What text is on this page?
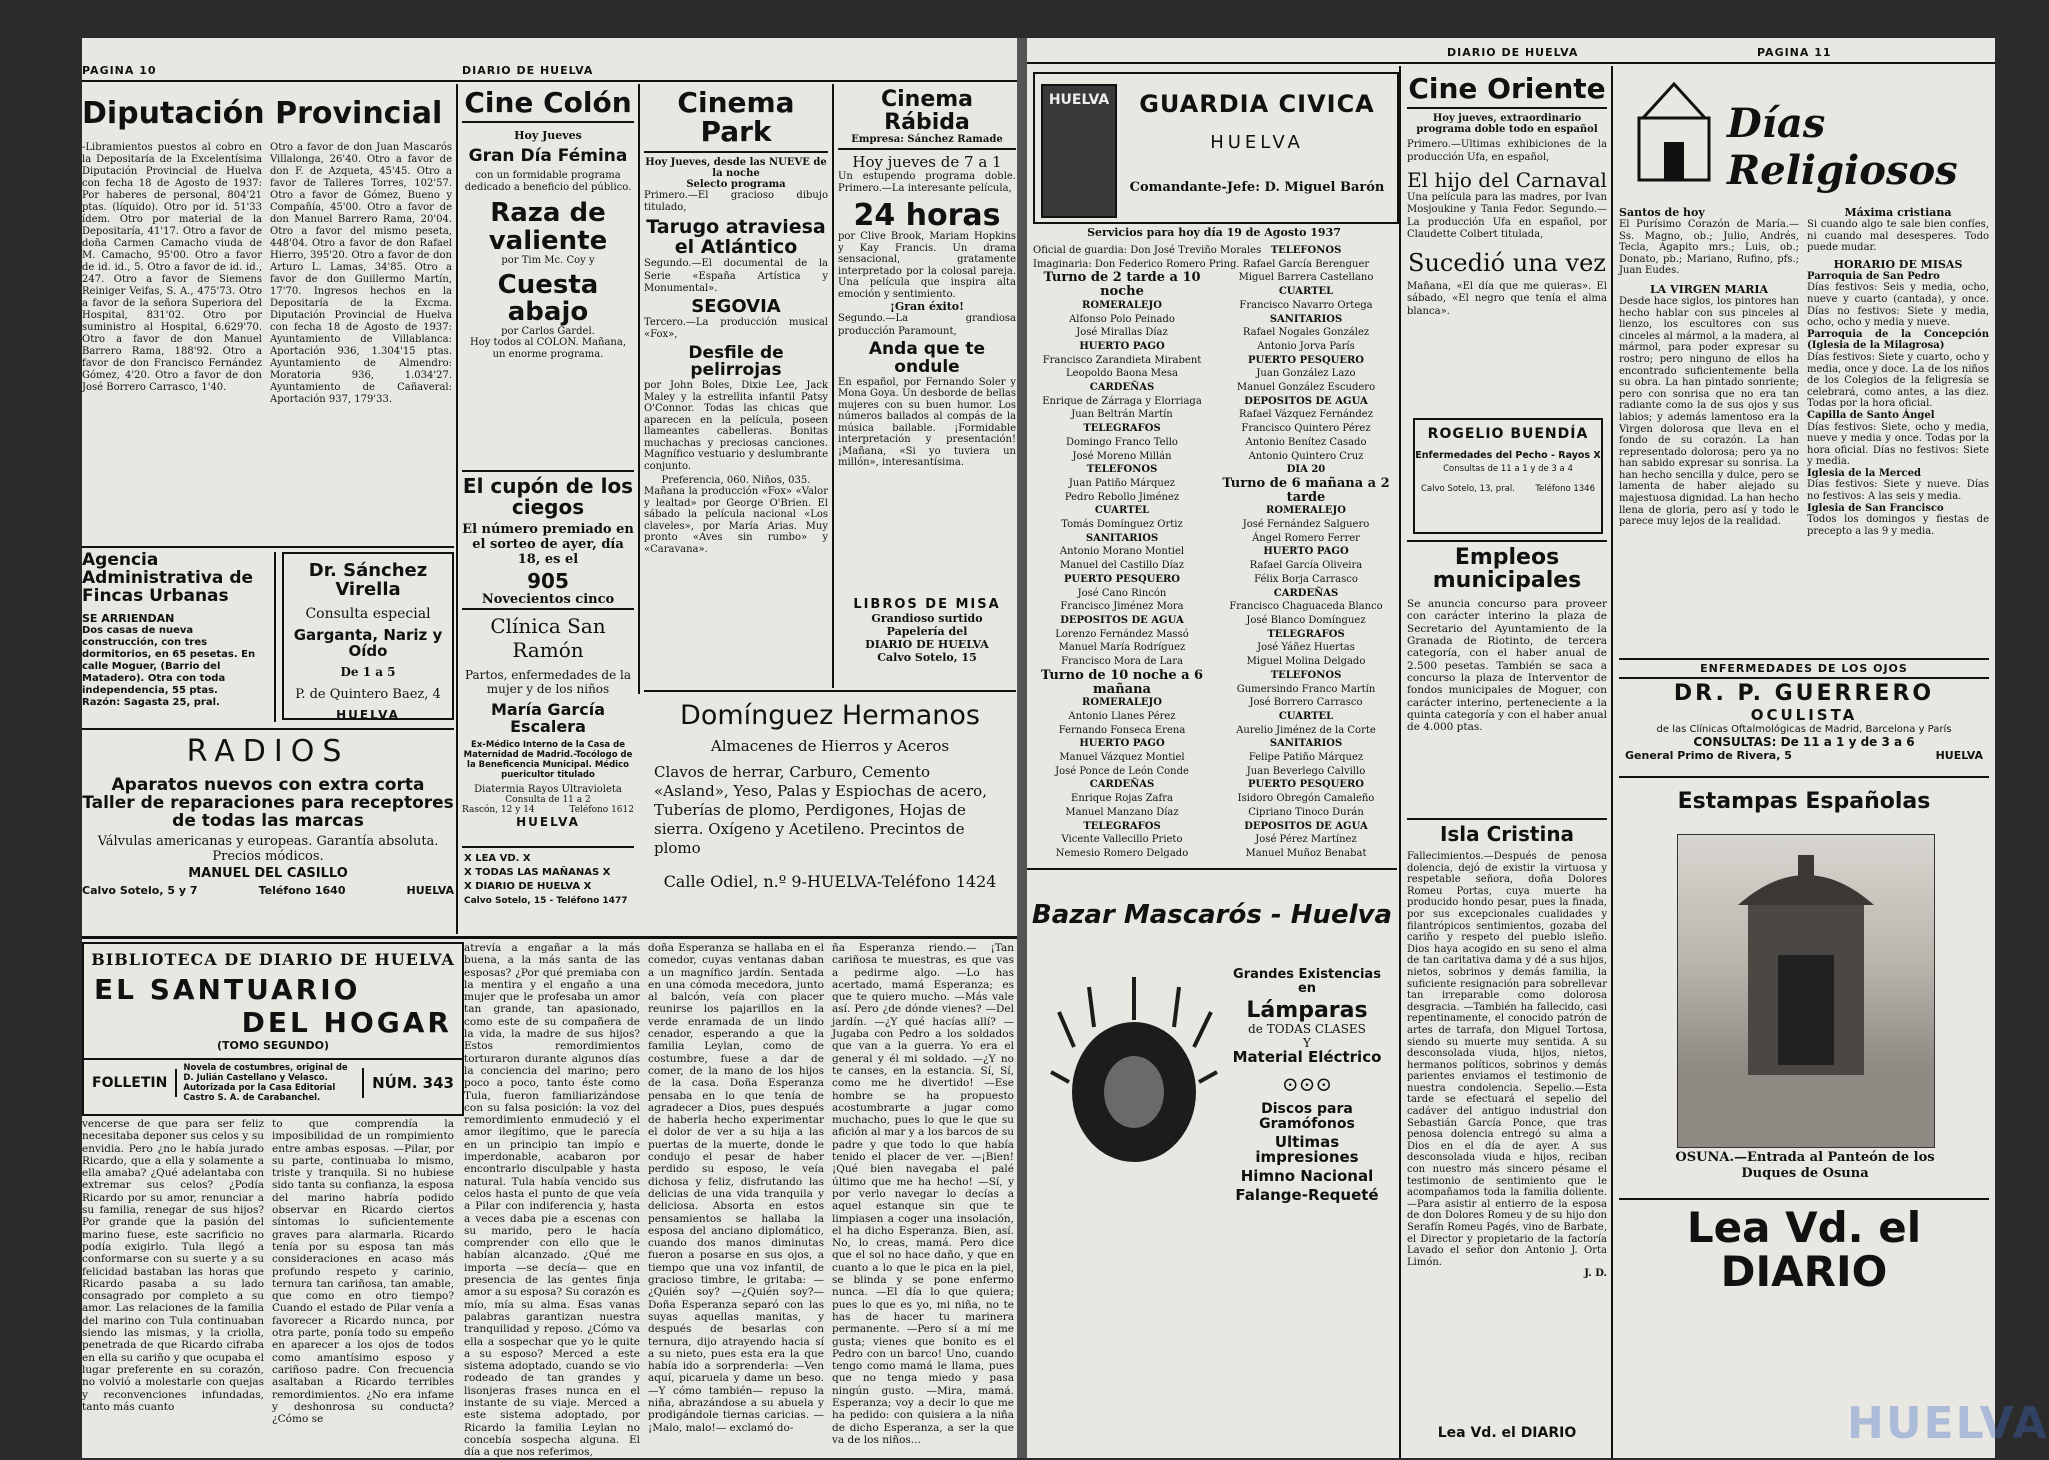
PAGINA 10	DIARIO DE HUELVA
Diputación Provincial
-Libramientos puestos al cobro en la Depositaría de la Excelentísima Diputación Provincial de Huelva con fecha 18 de Agosto de 1937: Por haberes de personal, 804'21 ptas. (líquido). Otro por id. 51'33 ídem. Otro por material de la Depositaría, 41'17. Otro a favor de doña Carmen Camacho viuda de M. Camacho, 95'00. Otro a favor de id. id., 5. Otro a favor de id. id., 247. Otro a favor de Siemens Reiniger Veifas, S. A., 475'73. Otro a favor de la señora Superiora del Hospital, 831'02. Otro por suministro al Hospital, 6.629'70. Otro a favor de don Manuel Barrero Rama, 188'92. Otro a favor de don Francisco Fernández Gómez, 4'20. Otro a favor de don José Borrero Carrasco, 1'40.
Otro a favor de don Juan Mascarós Villalonga, 26'40. Otro a favor de don F. de Azqueta, 45'45. Otro a favor de Talleres Torres, 102'57. Otro a favor de Gómez, Bueno y Compañía, 45'00. Otro a favor de don Manuel Barrero Rama, 20'04. Otro a favor del mismo peseta, 448'04. Otro a favor de don Rafael Hierro, 395'20. Otro a favor de don Arturo L. Lamas, 34'85. Otro a favor de don Guillermo Martín, 17'70. Ingresos hechos en la Depositaría de la Excma. Diputación Provincial de Huelva con fecha 18 de Agosto de 1937: Ayuntamiento de Villablanca: Aportación 936, 1.304'15 ptas. Ayuntamiento de Almendro: Moratoria 936, 1.034'27. Ayuntamiento de Cañaveral: Aportación 937, 179'33.
Agencia Administrativa de Fincas Urbanas
SE ARRIENDAN
Dos casas de nueva construcción, con tres dormitorios, en 65 pesetas. En calle Moguer, (Barrio del Matadero). Otra con toda independencia, 55 ptas.
Razón: Sagasta 25, pral.
Dr. Sánchez Virella
Consulta especial
Garganta, Nariz y Oído
De 1 a 5
P. de Quintero Baez, 4
HUELVA
RADIOS
Aparatos nuevos con extra corta
Taller de reparaciones para receptores
de todas las marcas
Válvulas americanas y europeas. Garantía absoluta.
Precios módicos.
MANUEL DEL CASILLO
Calvo Sotelo, 5 y 7	Teléfono 1640	HUELVA
Cine Colón
Hoy Jueves
Gran Día Fémina
con un formidable programa dedicado a beneficio del público.
Raza de valiente
por Tim Mc. Coy y
Cuesta abajo
por Carlos Gardel.
Hoy todos al COLON. Mañana, un enorme programa.
El cupón de los ciegos
El número premiado en el sorteo de ayer, día 18, es el
905
Novecientos cinco
Clínica San Ramón
Partos, enfermedades de la mujer y de los niños
María García Escalera
Ex-Médico Interno de la Casa de Maternidad de Madrid.-Tocólogo de la Beneficencia Municipal. Médico puericultor titulado
Diatermia Rayos Ultravioleta
Consulta de 11 a 2
Rascón, 12 y 14	Teléfono 1612
HUELVA
X LEA VD. X
X TODAS LAS MAÑANAS X
X DIARIO DE HUELVA X
Calvo Sotelo, 15 - Teléfono 1477
Cinema Park
Hoy Jueves, desde las NUEVE de la noche
Selecto programa
Primero.—El gracioso dibujo titulado,
Tarugo atraviesa el Atlántico
Segundo.—El documental de la Serie «España Artística y Monumental».
SEGOVIA
Tercero.—La producción musical «Fox»,
Desfile de pelirrojas
por John Boles, Dixie Lee, Jack Maley y la estrellita infantil Patsy O'Connor. Todas las chicas que aparecen en la película, poseen llameantes cabelleras. Bonitas muchachas y preciosas canciones. Magnífico vestuario y deslumbrante conjunto.
Preferencia, 060. Niños, 035.
Mañana la producción «Fox» «Valor y lealtad» por George O'Brien. El sábado la película nacional «Los claveles», por María Arias. Muy pronto «Aves sin rumbo» y «Caravana».
Cinema Rábida
Empresa: Sánchez Ramade
Hoy jueves de 7 a 1
Un estupendo programa doble. Primero.—La interesante película,
24 horas
por Clive Brook, Mariam Hopkins y Kay Francis. Un drama sensacional, gratamente interpretado por la colosal pareja. Una película que inspira alta emoción y sentimiento.
¡Gran éxito!
Segundo.—La grandiosa producción Paramount,
Anda que te ondule
En español, por Fernando Soler y Mona Goya. Un desborde de bellas mujeres con su buen humor. Los números bailados al compás de la música bailable. ¡Formidable interpretación y presentación! ¡Mañana, «Si yo tuviera un millón», interesantísima.
LIBROS DE MISA
Grandioso surtido
Papelería del
DIARIO DE HUELVA
Calvo Sotelo, 15
Domínguez Hermanos
Almacenes de Hierros y Aceros
Clavos de herrar, Carburo, Cemento «Asland», Yeso, Palas y Espiochas de acero, Tuberías de plomo, Perdigones, Hojas de sierra. Oxígeno y Acetileno. Precintos de plomo
Calle Odiel, n.º 9-HUELVA-Teléfono 1424
BIBLIOTECA DE DIARIO DE HUELVA
EL SANTUARIO
DEL HOGAR
(TOMO SEGUNDO)
FOLLETIN
Novela de costumbres, original de D. Julián Castellano y Velasco. Autorizada por la Casa Editorial Castro S. A. de Carabanchel.
NÚM. 343
vencerse de que para ser feliz necesitaba deponer sus celos y su envidia. Pero ¿no le había jurado Ricardo, que a ella y solamente a ella amaba? ¿Qué adelantaba con extremar sus celos? ¿Podía Ricardo por su amor, renunciar a su familia, renegar de sus hijos? Por grande que la pasión del marino fuese, este sacrificio no podía exigirlo. Tula llegó a conformarse con su suerte y a su felicidad bastaban las horas que Ricardo pasaba a su lado consagrado por completo a su amor. Las relaciones de la familia del marino con Tula continuaban siendo las mismas, y la criolla, penetrada de que Ricardo cifraba en ella su cariño y que ocupaba el lugar preferente en su corazón, no volvió a molestarle con quejas y reconvenciones infundadas, tanto más cuanto
to que comprendía la imposibilidad de un rompimiento entre ambas esposas. —Pilar, por su parte, continuaba lo mismo, triste y tranquila. Si no hubiese sido tanta su confianza, la esposa del marino habría podido observar en Ricardo ciertos síntomas lo suficientemente graves para alarmarla. Ricardo tenía por su esposa tan más consideraciones en acaso más profundo respeto y carinio, ternura tan cariñosa, tan amable, que como en otro tiempo? Cuando el estado de Pilar venía a favorecer a Ricardo nunca, por otra parte, ponía todo su empeño en aparecer a los ojos de todos como amantísimo esposo y cariñoso padre. Con frecuencia asaltaban a Ricardo terribles remordimientos. ¿No era infame y deshonrosa su conducta? ¿Cómo se
atrevía a engañar a la más buena, a la más santa de las esposas? ¿Por qué premiaba con la mentira y el engaño a una mujer que le profesaba un amor tan grande, tan apasionado, como este de su compañera de la vida, la madre de sus hijos? Estos remordimientos torturaron durante algunos días la conciencia del marino; pero poco a poco, tanto éste como Tula, fueron familiarizándose con su falsa posición: la voz del remordimiento enmudeció y el amor ilegítimo, que le parecía en un principio tan impío e imperdonable, acabaron por encontrarlo disculpable y hasta natural. Tula había vencido sus celos hasta el punto de que veía a Pilar con indiferencia y, hasta a veces daba pie a escenas con su marido, pero le hacía comprender con ello que le habían alcanzado. ¿Qué me importa —se decía— que en presencia de las gentes finja amor a su esposa? Su corazón es mío, mía su alma. Esas vanas palabras garantizan nuestra tranquilidad y reposo. ¿Cómo va ella a sospechar que yo le quite a su esposo? Merced a este sistema adoptado, cuando se vio rodeado de tan grandes y lisonjeras frases nunca en el instante de su viaje. Merced a este sistema adoptado, por Ricardo la familia Leylan no concebía sospecha alguna. El día a que nos referimos,
doña Esperanza se hallaba en el comedor, cuyas ventanas daban a un magnífico jardín. Sentada en una cómoda mecedora, junto al balcón, veía con placer reunirse los pajarillos en la verde enramada de un lindo cenador, esperando a que la familia Leylan, como de costumbre, fuese a dar de comer, de la mano de los hijos de la casa. Doña Esperanza pensaba en lo que tenía de agradecer a Dios, pues después de haberla hecho experimentar el dolor de ver a su hija a las puertas de la muerte, donde le condujo el pesar de haber perdido su esposo, le veía dichosa y feliz, disfrutando las delicias de una vida tranquila y deliciosa. Absorta en estos pensamientos se hallaba la esposa del anciano diplomático, cuando dos manos diminutas fueron a posarse en sus ojos, a tiempo que una voz infantil, de gracioso timbre, le gritaba: —¿Quién soy? —¿Quién soy?— Doña Esperanza separó con las suyas aquellas manitas, y después de besarlas con ternura, dijo atrayendo hacia sí a su nieto, pues esta era la que había ido a sorprenderla: —Ven aquí, picaruela y dame un beso. —Y cómo también— repuso la niña, abrazándose a su abuela y prodigándole tiernas caricias. —¡Malo, malo!— exclamó do-
ña Esperanza riendo.— ¡Tan cariñosa te muestras, es que vas a pedirme algo. —Lo has acertado, mamá Esperanza; es que te quiero mucho. —Más vale así. Pero ¿de dónde vienes? —Del jardín. —¿Y qué hacías allí? —Jugaba con Pedro a los soldados que van a la guerra. Yo era el general y él mi soldado. —¿Y no te canses, en la estancia. Sí, Sí, como me he divertido! —Ese hombre se ha propuesto acostumbrarte a jugar como muchacho, pues lo que le que su afición al mar y a los barcos de su padre y que todo lo que había tenido el placer de ver. —¡Bien! ¡Qué bien navegaba el palé último que me ha hecho! —Sí, y por verlo navegar lo decías a aquel estanque sin que te limpiasen a coger una insolación, el ha dicho Esperanza. Bien, así. No, lo creas, mamá. Pero dice que el sol no hace daño, y que en cuanto a lo que le pica en la piel, se blinda y se pone enfermo nunca. —El día lo que quiera; pues lo que es yo, mi niña, no te has de hacer tu marinera permanente. —Pero sí a mí me gusta; vienes que bonito es el Pedro con un barco! Uno, cuando tengo como mamá le llama, pues que no tenga miedo y pasa ningún gusto. —Mira, mamá. Esperanza; voy a decir lo que me ha pedido: con quisiera a la niña de dicho Esperanza, a ser la que va de los niños...
DIARIO DE HUELVA	PAGINA 11
HUELVA	GUARDIA CIVICA
HUELVA
Comandante-Jefe: D. Miguel Barón
Servicios para hoy día 19 de Agosto 1937
Oficial de guardia: Don José Treviño Morales
Imaginaria: Don Federico Romero Pring.
Turno de 2 tarde a 10 noche
ROMERALEJO
Alfonso Polo Peinado
José Mirallas Díaz
HUERTO PAGO
Francisco Zarandieta Mirabent
Leopoldo Baona Mesa
CARDEÑAS
Enrique de Zárraga y Elorriaga
Juan Beltrán Martín
TELEGRAFOS
Domingo Franco Tello
José Moreno Millán
TELEFONOS
Juan Patiño Márquez
Pedro Rebollo Jiménez
CUARTEL
Tomás Domínguez Ortiz
SANITARIOS
Antonio Morano Montiel
Manuel del Castillo Díaz
PUERTO PESQUERO
José Cano Rincón
Francisco Jiménez Mora
DEPOSITOS DE AGUA
Lorenzo Fernández Massó
Manuel María Rodríguez
Francisco Mora de Lara
Turno de 10 noche a 6 mañana
ROMERALEJO
Antonio Llanes Pérez
Fernando Fonseca Erena
HUERTO PAGO
Manuel Vázquez Montiel
José Ponce de León Conde
CARDEÑAS
Enrique Rojas Zafra
Manuel Manzano Díaz
TELEGRAFOS
Vicente Vallecillo Prieto
Nemesio Romero Delgado
TELEFONOS
Rafael García Berenguer
Miguel Barrera Castellano
CUARTEL
Francisco Navarro Ortega
SANITARIOS
Rafael Nogales González
Antonio Jorva París
PUERTO PESQUERO
Juan González Lazo
Manuel González Escudero
DEPOSITOS DE AGUA
Rafael Vázquez Fernández
Francisco Quintero Pérez
Antonio Benítez Casado
Antonio Quintero Cruz
DIA 20
Turno de 6 mañana a 2 tarde
ROMERALEJO
José Fernández Salguero
Ángel Romero Ferrer
HUERTO PAGO
Rafael García Oliveira
Félix Borja Carrasco
CARDEÑAS
Francisco Chaguaceda Blanco
José Blanco Domínguez
TELEGRAFOS
José Yáñez Huertas
Miguel Molina Delgado
TELEFONOS
Gumersindo Franco Martín
José Borrero Carrasco
CUARTEL
Aurelio Jiménez de la Corte
SANITARIOS
Felipe Patiño Márquez
Juan Beverlego Calvillo
PUERTO PESQUERO
Isidoro Obregón Camaleño
Cipriano Tinoco Durán
DEPOSITOS DE AGUA
José Pérez Martínez
Manuel Muñoz Benabat
Bazar Mascarós - Huelva
Grandes Existencias en
Lámparas
de TODAS CLASES
Y
Material Eléctrico
⊙⊙⊙
Discos para Gramófonos
Ultimas impresiones
Himno Nacional
Falange-Requeté
Cine Oriente
Hoy jueves, extraordinario programa doble todo en español
Primero.—Ultimas exhibiciones de la producción Ufa, en español,
El hijo del Carnaval
Una película para las madres, por Ivan Mosjoukine y Tania Fedor. Segundo.—La producción Ufa en español, por Claudette Colbert titulada,
Sucedió una vez
Mañana, «El día que me quieras». El sábado, «El negro que tenía el alma blanca».
ROGELIO BUENDÍA
Enfermedades del Pecho - Rayos X
Consultas de 11 a 1 y de 3 a 4
Calvo Sotelo, 13, pral. Teléfono 1346
Empleos municipales
Se anuncia concurso para proveer con carácter interino la plaza de Secretario del Ayuntamiento de la Granada de Riotinto, de tercera categoría, con el haber anual de 2.500 pesetas. También se saca a concurso la plaza de Interventor de fondos municipales de Moguer, con carácter interino, perteneciente a la quinta categoría y con el haber anual de 4.000 ptas.
Isla Cristina
Fallecimientos.—Después de penosa dolencia, dejó de existir la virtuosa y respetable señora, doña Dolores Romeu Portas, cuya muerte ha producido hondo pesar, pues la finada, por sus excepcionales cualidades y filantrópicos sentimientos, gozaba del cariño y respeto del pueblo isleño. Dios haya acogido en su seno el alma de tan caritativa dama y dé a sus hijos, nietos, sobrinos y demás familia, la suficiente resignación para sobrellevar tan irreparable como dolorosa desgracia. —También ha fallecido, casi repentinamente, el conocido patrón de artes de tarrafa, don Miguel Tortosa, siendo su muerte muy sentida. A su desconsolada viuda, hijos, nietos, hermanos políticos, sobrinos y demás parientes enviamos el testimonio de nuestra condolencia. Sepelio.—Esta tarde se efectuará el sepelio del cadáver del antiguo industrial don Sebastián García Ponce, que tras penosa dolencia entregó su alma a Dios en el día de ayer. A sus desconsolada viuda e hijos, reciban con nuestro más sincero pésame el testimonio de sentimiento que le acompañamos toda la familia doliente. —Para asistir al entierro de la esposa de don Dolores Romeu y de su hijo don Serafín Romeu Pagés, vino de Barbate, el Director y propietario de la factoría Lavado el señor don Antonio J. Orta Limón.
J. D.
Lea Vd. el DIARIO
Días Religiosos
Santos de hoy
El Purísimo Corazón de María.—Ss. Magno, ob.; Julio, Andrés, Tecla, Agapito mrs.; Luis, ob.; Donato, pb.; Mariano, Rufino, pfs.; Juan Eudes.
LA VIRGEN MARIA
Desde hace siglos, los pintores han hecho hablar con sus pinceles al lienzo, los escultores con sus cinceles al mármol, a la madera, al mármol, para poder expresar su rostro; pero ninguno de ellos ha encontrado suficientemente bella su obra. La han pintado sonriente; pero con sonrisa que no era tan radiante como la de sus ojos y sus labios; y además lamentoso era la Virgen dolorosa que lleva en el fondo de su corazón. La han representado dolorosa; pero ya no han sabido expresar su sonrisa. La han hecho sencilla y dulce, pero se lamenta de haber alejado su majestuosa dignidad. La han hecho llena de gloria, pero así y todo le parece muy lejos de la realidad.
Máxima cristiana
Si cuando algo te sale bien confíes, ni cuando mal desesperes. Todo puede mudar.
HORARIO DE MISAS
Parroquia de San Pedro
Días festivos: Seis y media, ocho, nueve y cuarto (cantada), y once. Días no festivos: Siete y media, ocho, ocho y media y nueve.
Parroquia de la Concepción (Iglesia de la Milagrosa)
Días festivos: Siete y cuarto, ocho y media, once y doce. La de los niños de los Colegios de la feligresía se celebrará, como antes, a las diez. Todas por la hora oficial.
Capilla de Santo Ángel
Días festivos: Siete, ocho y media, nueve y media y once. Todas por la hora oficial. Días no festivos: Siete y media.
Iglesia de la Merced
Días festivos: Siete y nueve. Días no festivos: A las seis y media.
Iglesia de San Francisco
Todos los domingos y fiestas de precepto a las 9 y media.
ENFERMEDADES DE LOS OJOS
DR. P. GUERRERO
OCULISTA
de las Clínicas Oftalmológicas de Madrid, Barcelona y París
CONSULTAS: De 11 a 1 y de 3 a 6
General Primo de Rivera, 5	HUELVA
Estampas Españolas
OSUNA.—Entrada al Panteón de los Duques de Osuna
Lea Vd. el DIARIO
HUELVA
